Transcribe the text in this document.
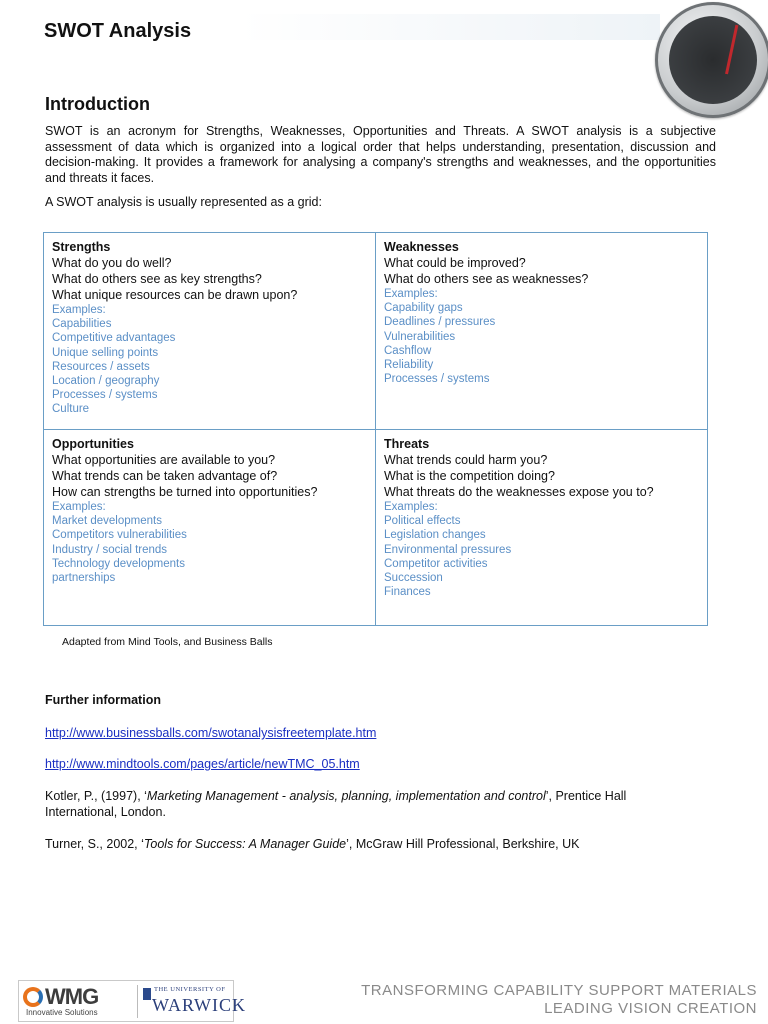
SWOT Analysis
Introduction

SWOT is an acronym for Strengths, Weaknesses, Opportunities and Threats. A SWOT analysis is a subjective assessment of data which is organized into a logical order that helps understanding, presentation, discussion and decision-making. It provides a framework for analysing a company's strengths and weaknesses, and the opportunities and threats it faces.

A SWOT analysis is usually represented as a grid:

Strengths
What do you do well?
What do others see as key strengths?
What unique resources can be drawn upon?
Examples:
Capabilities
Competitive advantages
Unique selling points
Resources / assets
Location / geography
Processes / systems
Culture
Weaknesses
What could be improved?
What do others see as weaknesses?
Examples:
Capability gaps
Deadlines / pressures
Vulnerabilities
Cashflow
Reliability
Processes / systems
Opportunities
What opportunities are available to you?
What trends can be taken advantage of?
How can strengths be turned into opportunities?
Examples:
Market developments
Competitors vulnerabilities
Industry / social trends
Technology developments
partnerships
Threats
What trends could harm you?
What is the competition doing?
What threats do the weaknesses expose you to?
Examples:
Political effects
Legislation changes
Environmental pressures
Competitor activities
Succession
Finances

Adapted from Mind Tools, and Business Balls

Further information
http://www.businessballs.com/swotanalysisfreetemplate.htm
http://www.mindtools.com/pages/article/newTMC_05.htm

Kotler, P., (1997), ‘Marketing Management - analysis, planning, implementation and control’, Prentice Hall International, London.

Turner, S., 2002, ‘Tools for Success: A Manager Guide’, McGraw Hill Professional, Berkshire, UK

WMG
Innovative Solutions
THE UNIVERSITY OF
WARWICK

TRANSFORMING CAPABILITY SUPPORT MATERIALS

LEADING VISION CREATION
